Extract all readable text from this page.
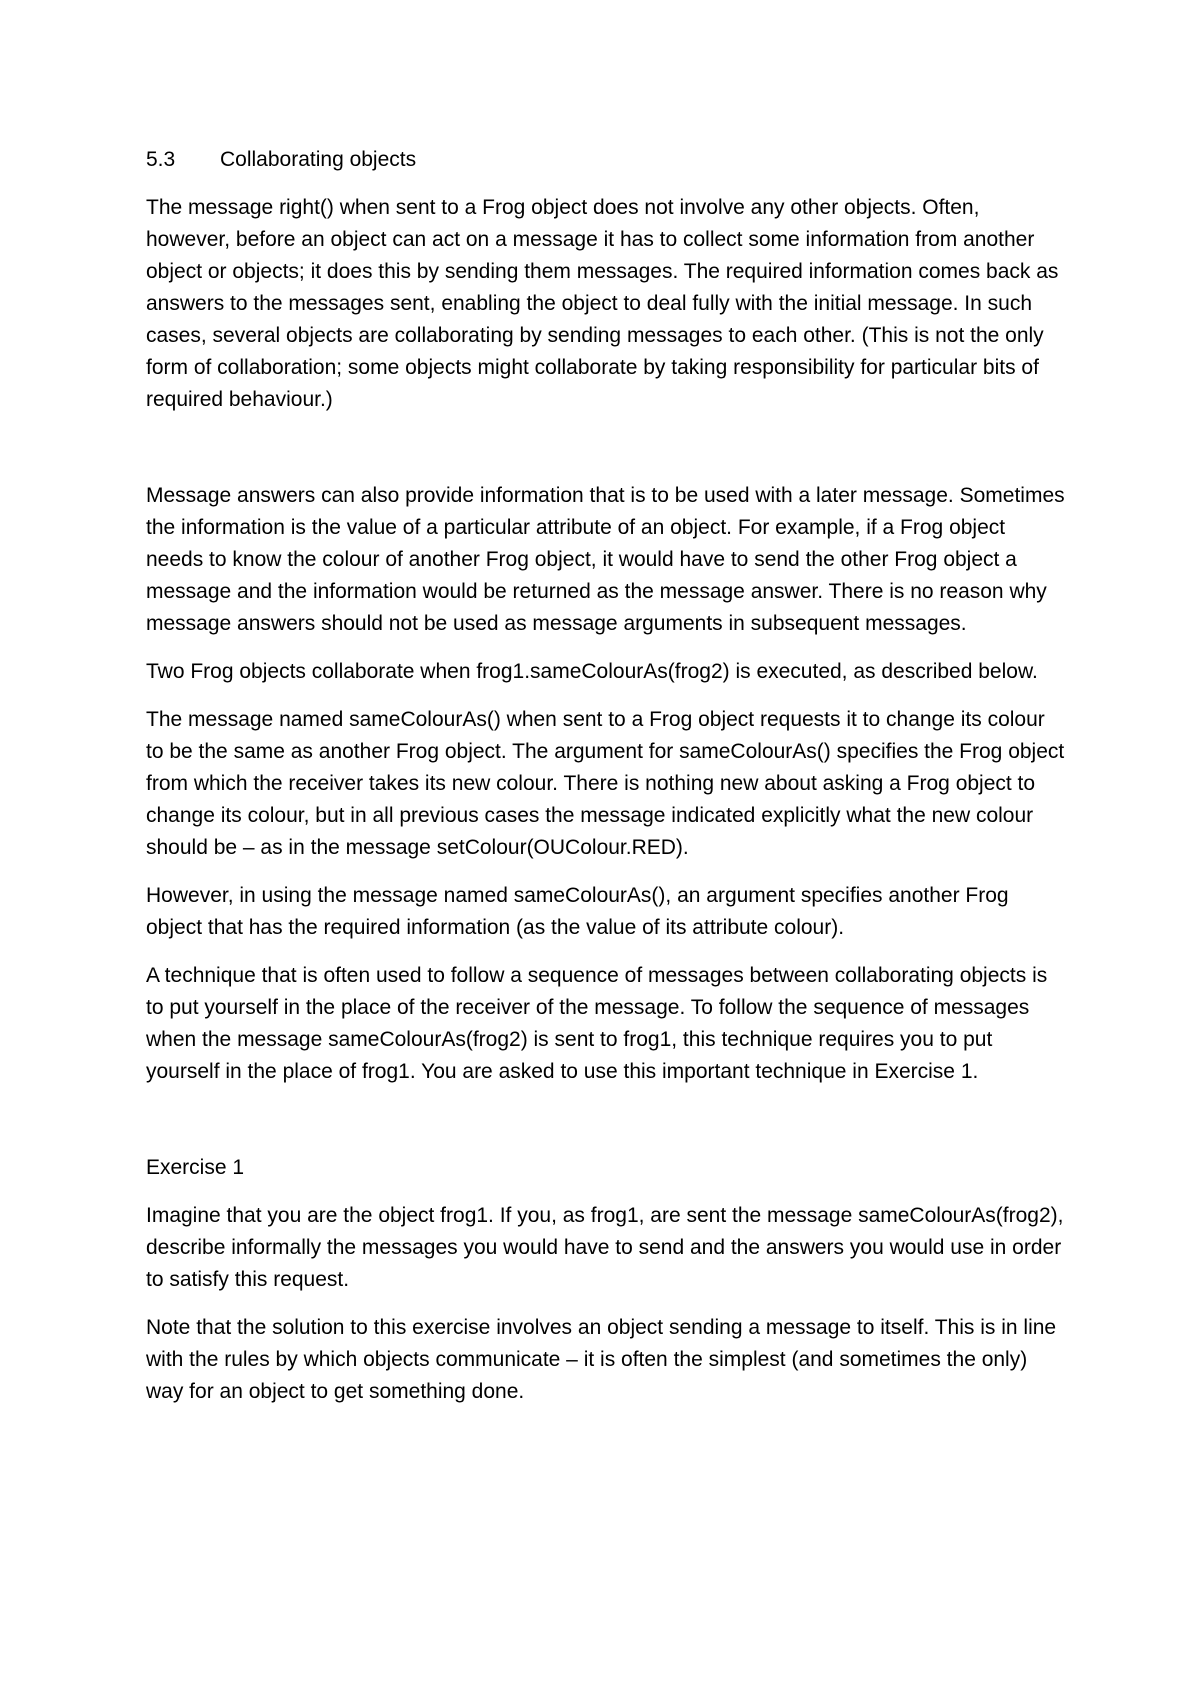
5.3 Collaborating objects

The message right() when sent to a Frog object does not involve any other objects. Often, however, before an object can act on a message it has to collect some information from another object or objects; it does this by sending them messages. The required information comes back as answers to the messages sent, enabling the object to deal fully with the initial message. In such cases, several objects are collaborating by sending messages to each other. (This is not the only form of collaboration; some objects might collaborate by taking responsibility for particular bits of required behaviour.)

Message answers can also provide information that is to be used with a later message. Sometimes the information is the value of a particular attribute of an object. For example, if a Frog object needs to know the colour of another Frog object, it would have to send the other Frog object a message and the information would be returned as the message answer. There is no reason why message answers should not be used as message arguments in subsequent messages.

Two Frog objects collaborate when frog1.sameColourAs(frog2) is executed, as described below.

The message named sameColourAs() when sent to a Frog object requests it to change its colour to be the same as another Frog object. The argument for sameColourAs() specifies the Frog object from which the receiver takes its new colour. There is nothing new about asking a Frog object to change its colour, but in all previous cases the message indicated explicitly what the new colour should be – as in the message setColour(OUColour.RED).

However, in using the message named sameColourAs(), an argument specifies another Frog object that has the required information (as the value of its attribute colour).

A technique that is often used to follow a sequence of messages between collaborating objects is to put yourself in the place of the receiver of the message. To follow the sequence of messages when the message sameColourAs(frog2) is sent to frog1, this technique requires you to put yourself in the place of frog1. You are asked to use this important technique in Exercise 1.

Exercise 1

Imagine that you are the object frog1. If you, as frog1, are sent the message sameColourAs(frog2), describe informally the messages you would have to send and the answers you would use in order to satisfy this request.

Note that the solution to this exercise involves an object sending a message to itself. This is in line with the rules by which objects communicate – it is often the simplest (and sometimes the only) way for an object to get something done.
